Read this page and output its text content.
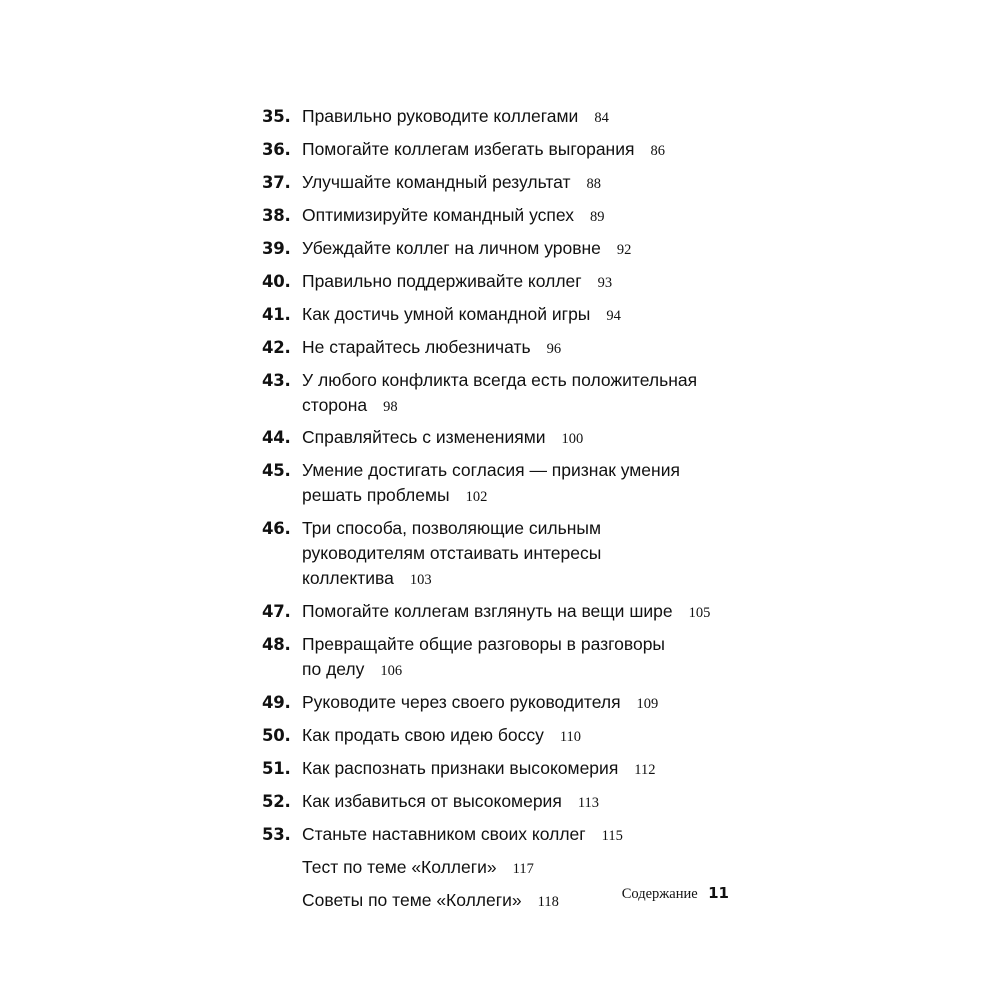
35. Правильно руководите коллегами 84
36. Помогайте коллегам избегать выгорания 86
37. Улучшайте командный результат 88
38. Оптимизируйте командный успех 89
39. Убеждайте коллег на личном уровне 92
40. Правильно поддерживайте коллег 93
41. Как достичь умной командной игры 94
42. Не старайтесь любезничать 96
43. У любого конфликта всегда есть положительная
сторона 98
44. Справляйтесь с изменениями 100
45. Умение достигать согласия — признак умения
решать проблемы 102
46. Три способа, позволяющие сильным
руководителям отстаивать интересы
коллектива 103
47. Помогайте коллегам взглянуть на вещи шире 105
48. Превращайте общие разговоры в разговоры
по делу 106
49. Руководите через своего руководителя 109
50. Как продать свою идею боссу 110
51. Как распознать признаки высокомерия 112
52. Как избавиться от высокомерия 113
53. Станьте наставником своих коллег 115
Тест по теме «Коллеги» 117
Советы по теме «Коллеги» 118	Содержание 11
